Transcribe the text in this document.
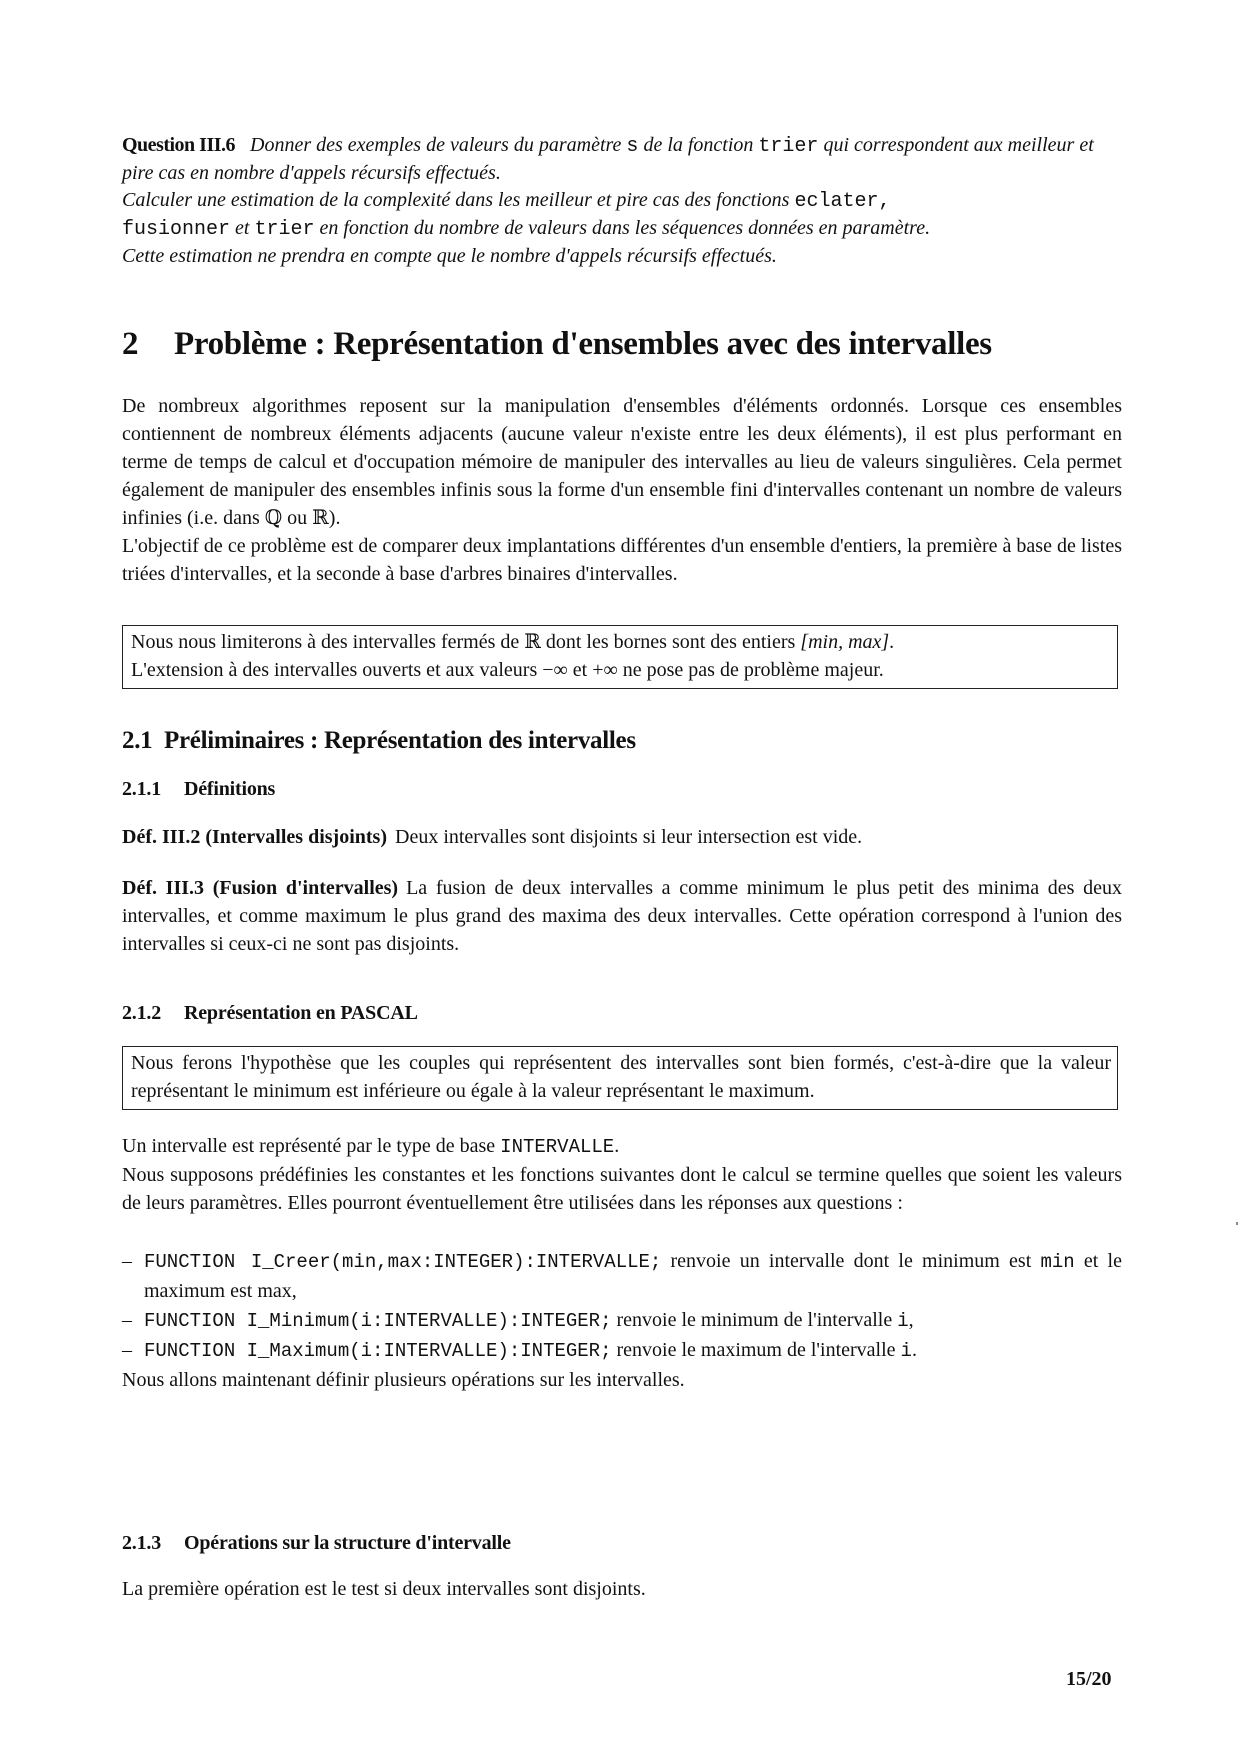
Question III.6 Donner des exemples de valeurs du paramètre s de la fonction trier qui correspondent aux meilleur et pire cas en nombre d'appels récursifs effectués.
Calculer une estimation de la complexité dans les meilleur et pire cas des fonctions eclater,
fusionner et trier en fonction du nombre de valeurs dans les séquences données en paramètre.
Cette estimation ne prendra en compte que le nombre d'appels récursifs effectués.
2 Problème : Représentation d'ensembles avec des intervalles

De nombreux algorithmes reposent sur la manipulation d'ensembles d'éléments ordonnés. Lorsque ces ensembles contiennent de nombreux éléments adjacents (aucune valeur n'existe entre les deux éléments), il est plus performant en terme de temps de calcul et d'occupation mémoire de manipuler des intervalles au lieu de valeurs singulières. Cela permet également de manipuler des ensembles infinis sous la forme d'un ensemble fini d'intervalles contenant un nombre de valeurs infinies (i.e. dans ℚ ou ℝ).

L'objectif de ce problème est de comparer deux implantations différentes d'un ensemble d'entiers, la première à base de listes triées d'intervalles, et la seconde à base d'arbres binaires d'intervalles.

Nous nous limiterons à des intervalles fermés de ℝ dont les bornes sont des entiers [min, max].

L'extension à des intervalles ouverts et aux valeurs −∞ et +∞ ne pose pas de problème majeur.

2.1 Préliminaires : Représentation des intervalles
2.1.1 Définitions
Déf. III.2 (Intervalles disjoints) Deux intervalles sont disjoints si leur intersection est vide.
Déf. III.3 (Fusion d'intervalles) La fusion de deux intervalles a comme minimum le plus petit des minima des deux intervalles, et comme maximum le plus grand des maxima des deux intervalles. Cette opération correspond à l'union des intervalles si ceux-ci ne sont pas disjoints.
2.1.2 Représentation en PASCAL

Nous ferons l'hypothèse que les couples qui représentent des intervalles sont bien formés, c'est-à-dire que la valeur représentant le minimum est inférieure ou égale à la valeur représentant le maximum.

Un intervalle est représenté par le type de base INTERVALLE.

Nous supposons prédéfinies les constantes et les fonctions suivantes dont le calcul se termine quelles que soient les valeurs de leurs paramètres. Elles pourront éventuellement être utilisées dans les réponses aux questions :

– FUNCTION I_Creer(min,max:INTEGER):INTERVALLE; renvoie un intervalle dont le minimum est min et le maximum est max,
– FUNCTION I_Minimum(i:INTERVALLE):INTEGER; renvoie le minimum de l'intervalle i,
– FUNCTION I_Maximum(i:INTERVALLE):INTEGER; renvoie le maximum de l'intervalle i.
Nous allons maintenant définir plusieurs opérations sur les intervalles.
2.1.3 Opérations sur la structure d'intervalle

La première opération est le test si deux intervalles sont disjoints.

15/20
